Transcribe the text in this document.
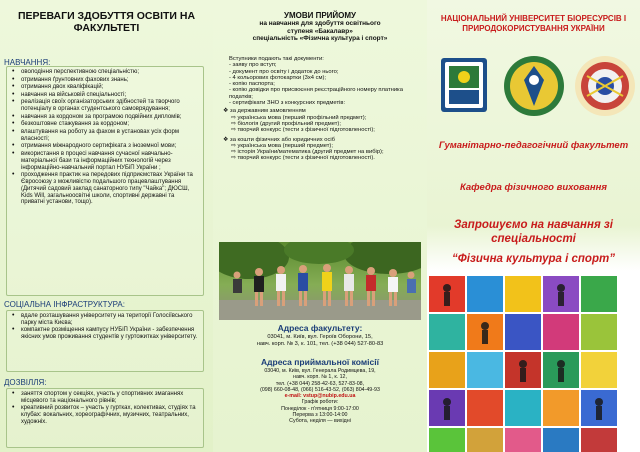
ПЕРЕВАГИ ЗДОБУТТЯ ОСВІТИ НА ФАКУЛЬТЕТІ
НАВЧАННЯ:
• оволодіння перспективною спеціальністю;
• отримання ґрунтовних фахових знань;
• отримання двох кваліфікацій;
• навчання на військовій спеціальності;
• реалізація своїх організаторських здібностей та творчого потенціалу в органах студентського самоврядування;
• навчання за кордоном за програмою подвійних дипломів;
• безкоштовне стажування за кордоном;
• влаштування на роботу за фахом в установах усіх форм власності;
• отримання міжнародного сертифіката з іноземної мови;
• використання в процесі навчання сучасної навчально-матеріальної бази та інформаційних технологій через інформаційно-навчальний портал НУБіП України ;
• проходження практик на передових підприємствах України та Євросоюзу з можливістю подальшого працевлаштування (Дитячий садовий заклад санаторного типу "Чайка"; ДЮСШ, Kids Will, загальноосвітні школи, спортивні державні та приватні установи, тощо).
СОЦІАЛЬНА ІНФРАСТРУКТУРА:
• вдале розташування університету на території Голосіївського парку міста Києва;
• компактне розміщення кампусу НУБіП України - забезпечення якісних умов проживання студентів у гуртожитках університету.
ДОЗВІЛЛЯ:
• заняття спортом у секціях, участь у спортивних змаганнях місцевого та національного рівнів;
• креативний розвиток – участь у гуртках, колективах, студіях та клубах: вокальних, хореографічних, музичних, театральних, художніх.
УМОВИ ПРИЙОМУ
на навчання для здобуття освітнього
ступеня «Бакалавр»
спеціальність «Фізична культура і спорт»
Вступники подають такі документи:
- заяву про вступ;
- документ про освіту і додаток до нього;
- 4 кольорових фотокартки (3х4 см);
- копію паспорта;
- копію довідки про присвоєння реєстраційного номеру платника податків;
- сертифікати ЗНО з конкурсних предметів:
❖ за державним замовленням
⇨ українська мова (перший профільний предмет);
⇨ біологія (другий профільний предмет);
⇨ творчий конкурс (тести з фізичної підготовленості);
❖ за кошти фізичних або юридичних осіб
⇨ українська мова (перший предмет);
⇨ історія України/математика (другий предмет на вибір);
⇨ творчий конкурс (тести з фізичної підготовленості).
Адреса факультету:
03041, м. Київ, вул. Героїв Оборони, 15,
навч. корп. № 3, к. 101, тел. (+38 044) 527-80-83
Адреса приймальної комісії
03040, м. Київ, вул. Генерала Родимцева, 19,
навч. корп. № 1, к. 12,
тел. (+38 044) 258-42-63, 527-83-08,
(098) 660-08-48, (066) 516-43-52, (063) 804-49-93
e-mail: vstup@nubip.edu.ua
Графік роботи:
Понеділок - п'ятниця 9:00-17:00
Перерва з 13:00-14:00
Субота, неділя — вихідні
НАЦІОНАЛЬНИЙ УНІВЕРСИТЕТ БІОРЕСУРСІВ І ПРИРОДОКОРИСТУВАННЯ УКРАЇНИ
Гуманітарно-педагогічний факультет
Кафедра фізичного виховання
Запрошуємо на навчання зі спеціальності
“Фізична культура і спорт”
